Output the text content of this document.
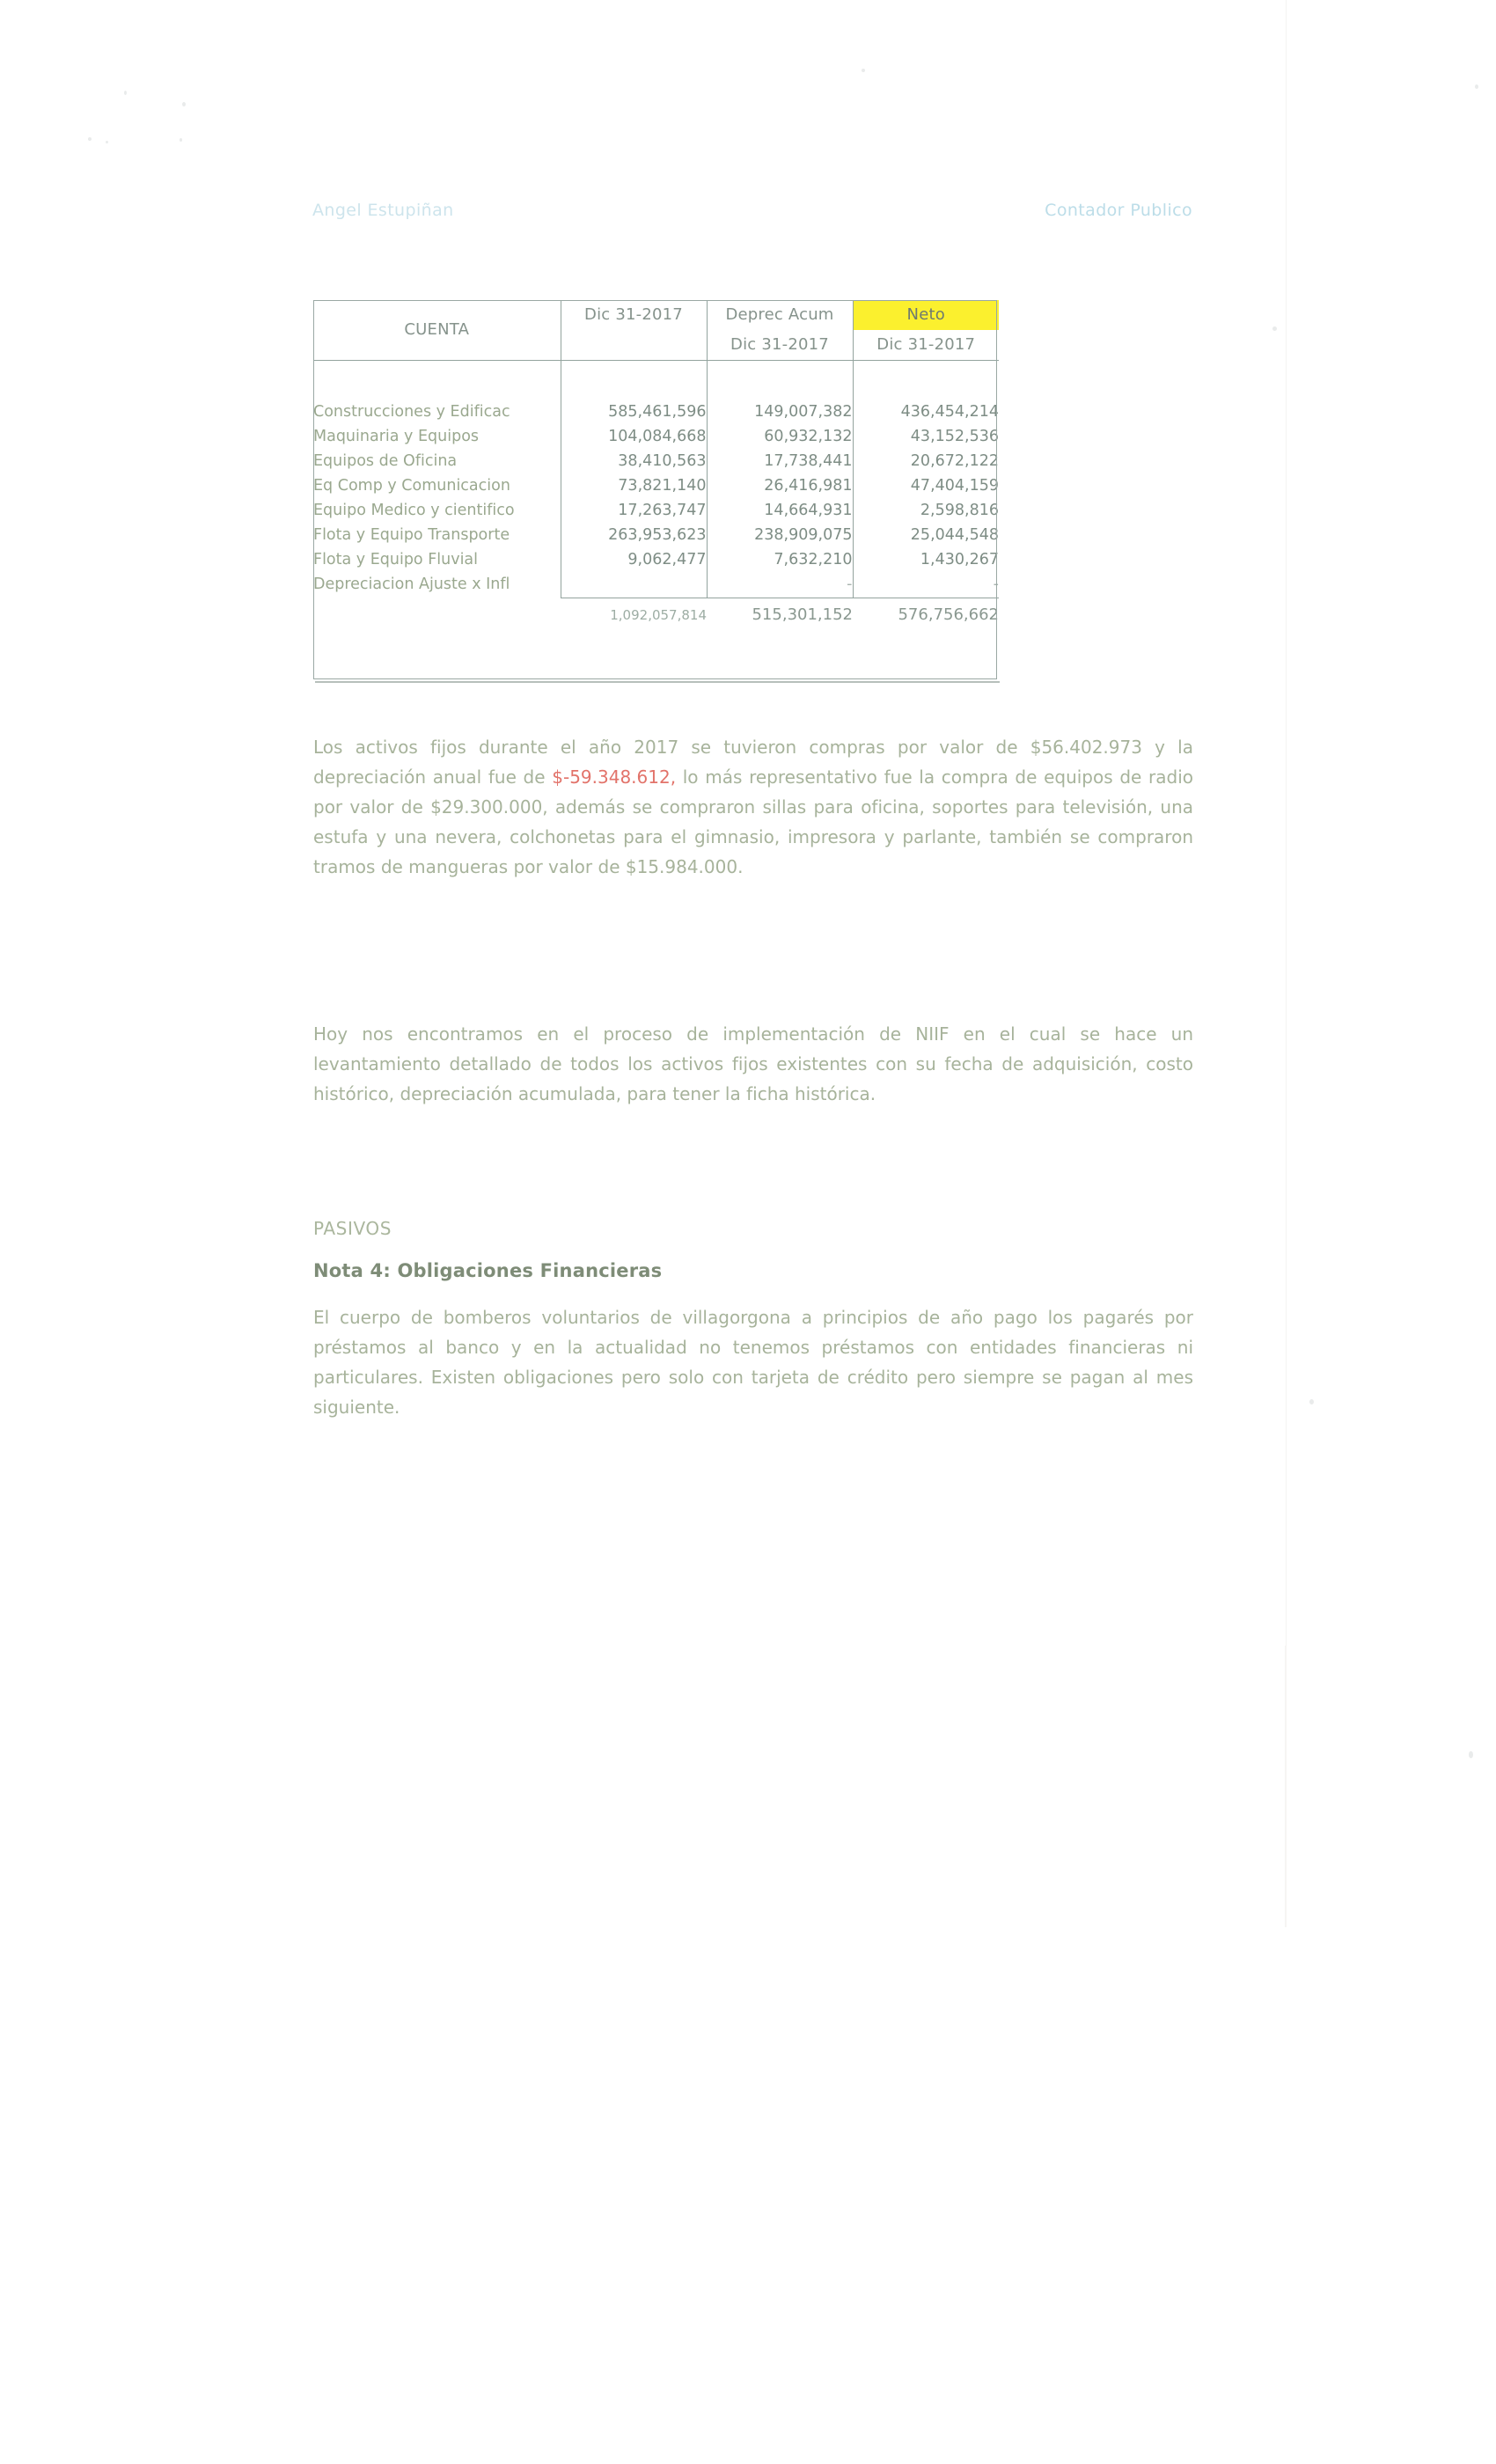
Angel Estupiñan	Contador Publico
CUENTA	Dic 31-2017	Deprec Acum	Neto
		Dic 31-2017	Dic 31-2017

Construcciones y Edificac	585,461,596	149,007,382	436,454,214
Maquinaria y Equipos	104,084,668	60,932,132	43,152,536
Equipos de Oficina	38,410,563	17,738,441	20,672,122
Eq Comp y Comunicacion	73,821,140	26,416,981	47,404,159
Equipo Medico y cientifico	17,263,747	14,664,931	2,598,816
Flota y Equipo Transporte	263,953,623	238,909,075	25,044,548
Flota y Equipo Fluvial	9,062,477	7,632,210	1,430,267
Depreciacion Ajuste x Infl		-	-
	1,092,057,814	515,301,152	576,756,662

Los activos fijos durante el año 2017 se tuvieron compras por valor de $56.402.973 y la depreciación anual fue de $-59.348.612, lo más representativo fue la compra de equipos de radio por valor de $29.300.000, además se compraron sillas para oficina, soportes para televisión, una estufa y una nevera, colchonetas para el gimnasio, impresora y parlante, también se compraron tramos de mangueras por valor de $15.984.000.

Hoy nos encontramos en el proceso de implementación de NIIF en el cual se hace un levantamiento detallado de todos los activos fijos existentes con su fecha de adquisición, costo histórico, depreciación acumulada, para tener la ficha histórica.

PASIVOS
Nota 4: Obligaciones Financieras

El cuerpo de bomberos voluntarios de villagorgona a principios de año pago los pagarés por préstamos al banco y en la actualidad no tenemos préstamos con entidades financieras ni particulares. Existen obligaciones pero solo con tarjeta de crédito pero siempre se pagan al mes siguiente.
